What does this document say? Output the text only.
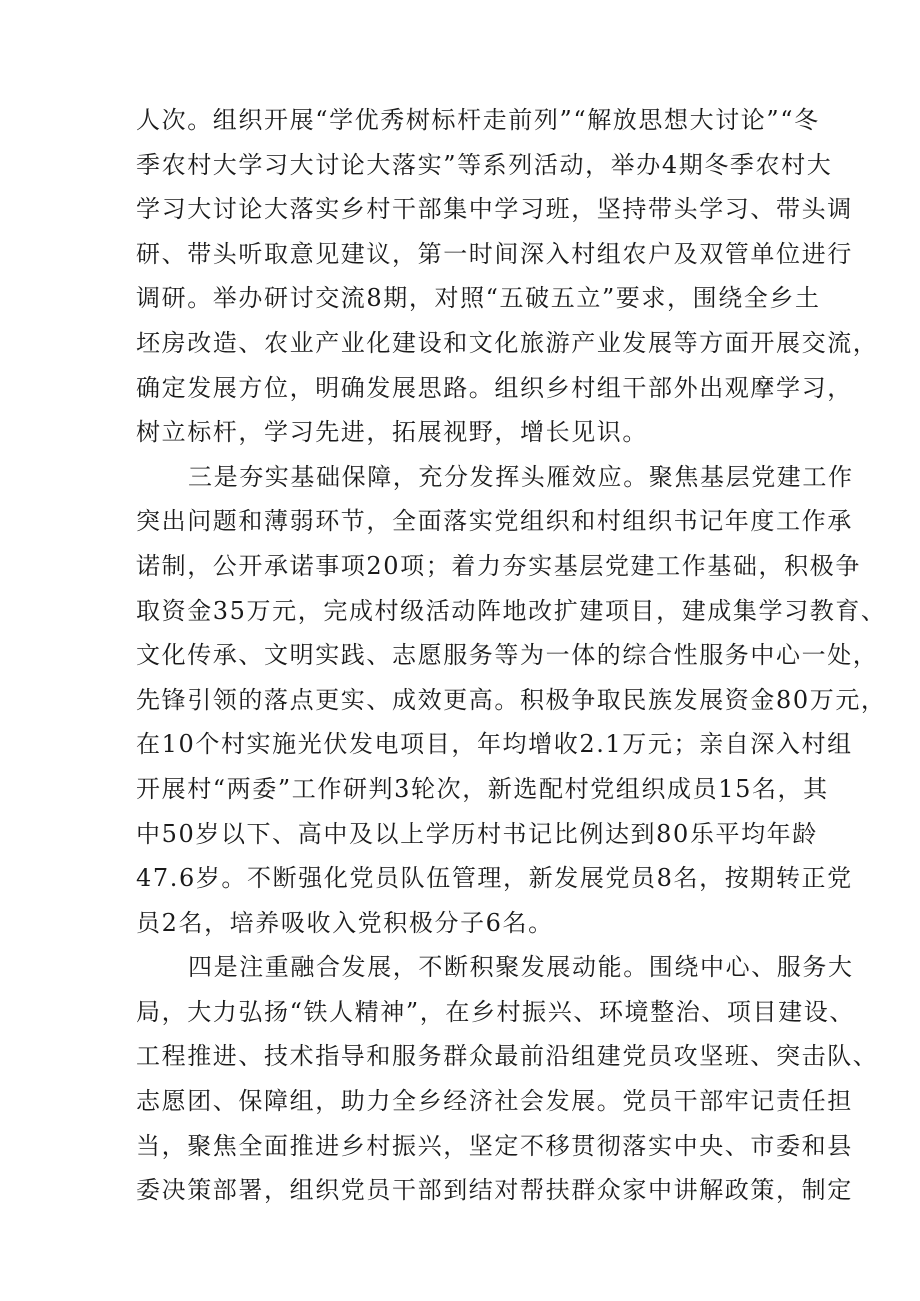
人次。组织开展“学优秀树标杆走前列”“解放思想大讨论”“冬
季农村大学习大讨论大落实”等系列活动，举办4期冬季农村大
学习大讨论大落实乡村干部集中学习班，坚持带头学习、带头调
研、带头听取意见建议，第一时间深入村组农户及双管单位进行
调研。举办研讨交流8期，对照“五破五立”要求，围绕全乡土
坯房改造、农业产业化建设和文化旅游产业发展等方面开展交流，
确定发展方位，明确发展思路。组织乡村组干部外出观摩学习，
树立标杆，学习先进，拓展视野，增长见识。
三是夯实基础保障，充分发挥头雁效应。聚焦基层党建工作
突出问题和薄弱环节，全面落实党组织和村组织书记年度工作承
诺制，公开承诺事项20项；着力夯实基层党建工作基础，积极争
取资金35万元，完成村级活动阵地改扩建项目，建成集学习教育、
文化传承、文明实践、志愿服务等为一体的综合性服务中心一处，
先锋引领的落点更实、成效更高。积极争取民族发展资金80万元，
在10个村实施光伏发电项目，年均增收2.1万元；亲自深入村组
开展村“两委”工作研判3轮次，新选配村党组织成员15名，其
中50岁以下、高中及以上学历村书记比例达到80乐平均年龄
47.6岁。不断强化党员队伍管理，新发展党员8名，按期转正党
员2名，培养吸收入党积极分子6名。
四是注重融合发展，不断积聚发展动能。围绕中心、服务大
局，大力弘扬“铁人精神”，在乡村振兴、环境整治、项目建设、
工程推进、技术指导和服务群众最前沿组建党员攻坚班、突击队、
志愿团、保障组，助力全乡经济社会发展。党员干部牢记责任担
当，聚焦全面推进乡村振兴，坚定不移贯彻落实中央、市委和县
委决策部署，组织党员干部到结对帮扶群众家中讲解政策，制定
